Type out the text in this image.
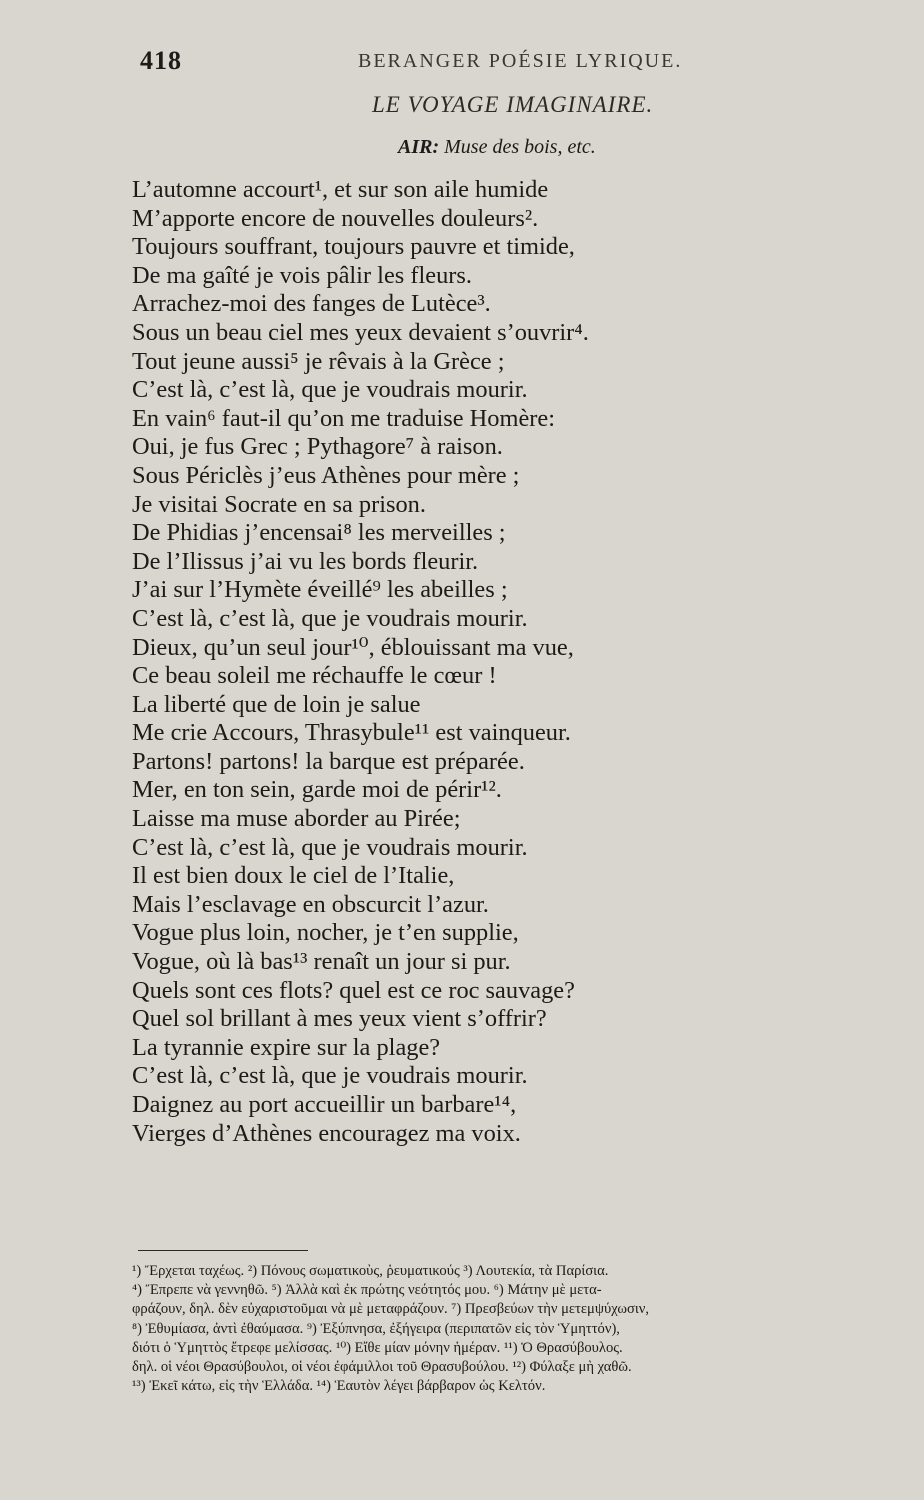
418	BERANGER POÉSIE LYRIQUE.
LE VOYAGE IMAGINAIRE.
AIR: Muse des bois, etc.
L’automne accourt¹, et sur son aile humide
M’apporte encore de nouvelles douleurs².
Toujours souffrant, toujours pauvre et timide,
De ma gaîté je vois pâlir les fleurs.
Arrachez-moi des fanges de Lutèce³.
Sous un beau ciel mes yeux devaient s’ouvrir⁴.
Tout jeune aussi⁵ je rêvais à la Grèce ;
C’est là, c’est là, que je voudrais mourir.
En vain⁶ faut-il qu’on me traduise Homère:
Oui, je fus Grec ; Pythagore⁷ à raison.
Sous Périclès j’eus Athènes pour mère ;
Je visitai Socrate en sa prison.
De Phidias j’encensai⁸ les merveilles ;
De l’Ilissus j’ai vu les bords fleurir.
J’ai sur l’Hymète éveillé⁹ les abeilles ;
C’est là, c’est là, que je voudrais mourir.
Dieux, qu’un seul jour¹⁰, éblouissant ma vue,
Ce beau soleil me réchauffe le cœur !
La liberté que de loin je salue
Me crie Accours, Thrasybule¹¹ est vainqueur.
Partons! partons! la barque est préparée.
Mer, en ton sein, garde moi de périr¹².
Laisse ma muse aborder au Pirée;
C’est là, c’est là, que je voudrais mourir.
Il est bien doux le ciel de l’Italie,
Mais l’esclavage en obscurcit l’azur.
Vogue plus loin, nocher, je t’en supplie,
Vogue, où là bas¹³ renaît un jour si pur.
Quels sont ces flots? quel est ce roc sauvage?
Quel sol brillant à mes yeux vient s’offrir?
La tyrannie expire sur la plage?
C’est là, c’est là, que je voudrais mourir.
Daignez au port accueillir un barbare¹⁴,
Vierges d’Athènes encouragez ma voix.
¹) Ἔρχεται ταχέως. ²) Πόνους σωματικοὺς, ῥευματικούς ³) Λουτεκία, τὰ Παρίσια.
⁴) Ἔπρεπε νὰ γεννηθῶ. ⁵) Ἀλλὰ καὶ ἐκ πρώτης νεότητός μου. ⁶) Μάτην μὲ μετα-
φράζουν, δηλ. δὲν εὐχαριστοῦμαι νὰ μὲ μεταφράζουν. ⁷) Πρεσβεύων τὴν μετεμψύχωσιν,
⁸) Ἐθυμίασα, ἀντὶ ἐθαύμασα. ⁹) Ἐξύπνησα, ἐξήγειρα (περιπατῶν εἰς τὸν Ὑμηττόν),
διότι ὁ Ὑμηττὸς ἔτρεφε μελίσσας. ¹⁰) Εἴθε μίαν μόνην ἡμέραν. ¹¹) Ὁ Θρασύβουλος.
δηλ. οἱ νέοι Θρασύβουλοι, οἱ νέοι ἐφάμιλλοι τοῦ Θρασυβούλου. ¹²) Φύλαξε μὴ χαθῶ.
¹³) Ἐκεῖ κάτω, εἰς τὴν Ἑλλάδα. ¹⁴) Ἑαυτὸν λέγει βάρβαρον ὡς Κελτόν.
